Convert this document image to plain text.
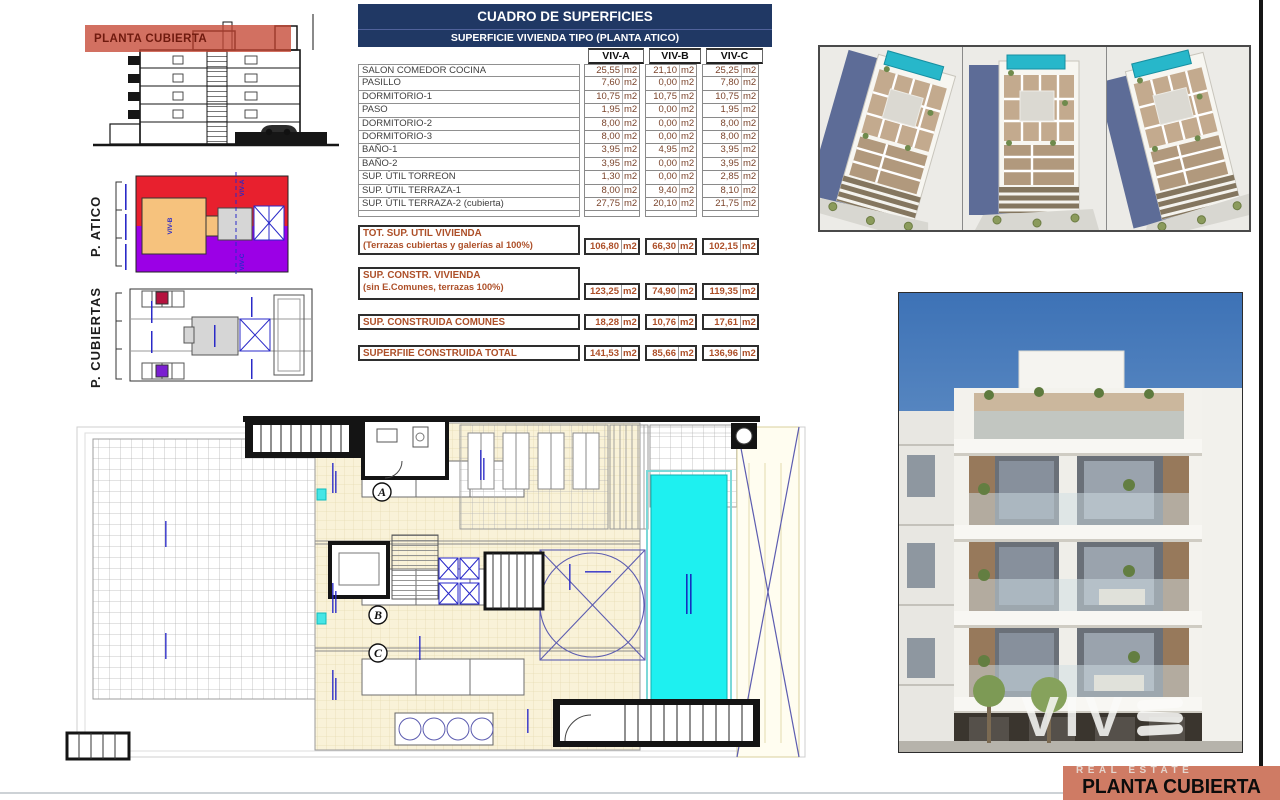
PLANTA CUBIERTA
P. ATICO
VIV-A
VIV-C
VIV-B
P. CUBIERTAS
CUADRO DE SUPERFICIES
SUPERFICIE VIVIENDA TIPO (PLANTA ATICO)
VIV-A	VIV-B	VIV-C
SALON COMEDOR COCINA	25,55 m2	21,10 m2	25,25 m2
PASILLO	7,60 m2	0,00 m2	7,80 m2
DORMITORIO-1	10,75 m2	10,75 m2	10,75 m2
PASO	1,95 m2	0,00 m2	1,95 m2
DORMITORIO-2	8,00 m2	0,00 m2	8,00 m2
DORMITORIO-3	8,00 m2	0,00 m2	8,00 m2
BAÑO-1	3,95 m2	4,95 m2	3,95 m2
BAÑO-2	3,95 m2	0,00 m2	3,95 m2
SUP. ÚTIL TORREON	1,30 m2	0,00 m2	2,85 m2
SUP. ÚTIL TERRAZA-1	8,00 m2	9,40 m2	8,10 m2
SUP. ÚTIL TERRAZA-2 (cubierta)	27,75 m2	20,10 m2	21,75 m2
TOT. SUP. UTIL VIVIENDA
(Terrazas cubiertas y galerías al 100%)	106,80 m2	66,30 m2	102,15 m2
SUP. CONSTR. VIVIENDA
(sin E.Comunes, terrazas 100%)	123,25 m2	74,90 m2	119,35 m2
SUP. CONSTRUIDA COMUNES	18,28 m2	10,76 m2	17,61 m2
SUPERFIIE CONSTRUIDA TOTAL	141,53 m2	85,66 m2	136,96 m2
VIV
REAL ESTATE
PLANTA CUBIERTA
A
B
C
